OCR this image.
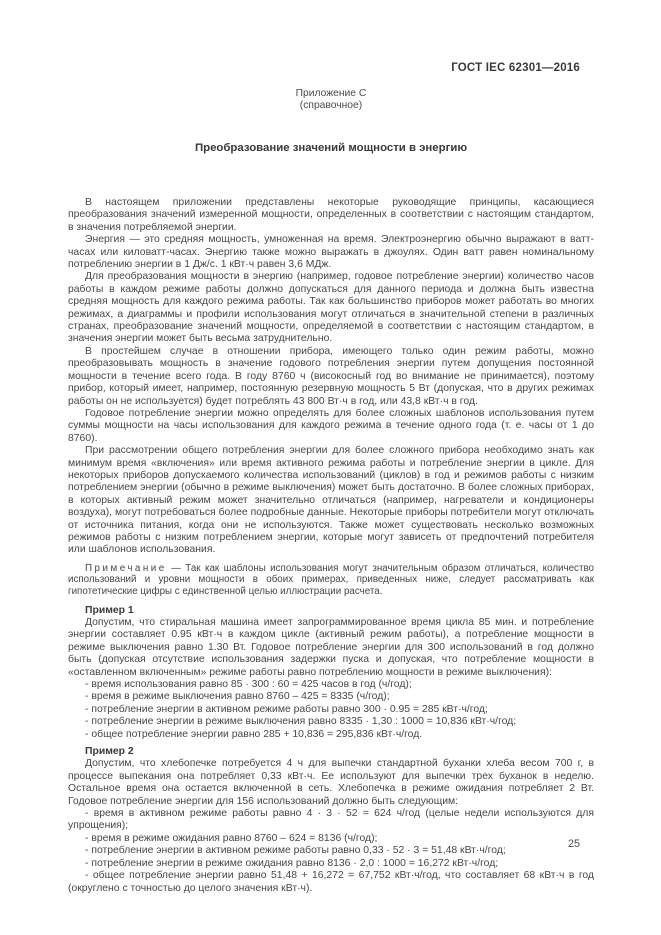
ГОСТ IEC 62301—2016
Приложение С
(справочное)
Преобразование значений мощности в энергию

В настоящем приложении представлены некоторые руководящие принципы, касающиеся преобразования значений измеренной мощности, определенных в соответствии с настоящим стандартом, в значения потребляемой энергии.

Энергия — это средняя мощность, умноженная на время. Электроэнергию обычно выражают в ватт-часах или киловатт-часах. Энергию также можно выражать в джоулях. Один ватт равен номинальному потреблению энергии в 1 Дж/с. 1 кВт·ч равен 3,6 МДж.

Для преобразования мощности в энергию (например, годовое потребление энергии) количество часов работы в каждом режиме работы должно допускаться для данного периода и должна быть известна средняя мощность для каждого режима работы. Так как большинство приборов может работать во многих режимах, а диаграммы и профили использования могут отличаться в значительной степени в различных странах, преобразование значений мощности, определяемой в соответствии с настоящим стандартом, в значения энергии может быть весьма затруднительно.

В простейшем случае в отношении прибора, имеющего только один режим работы, можно преобразовывать мощность в значение годового потребления энергии путем допущения постоянной мощности в течение всего года. В году 8760 ч (високосный год во внимание не принимается), поэтому прибор, который имеет, например, постоянную резервную мощность 5 Вт (допуская, что в других режимах работы он не используется) будет потреблять 43 800 Вт·ч в год, или 43,8 кВт·ч в год.

Годовое потребление энергии можно определять для более сложных шаблонов использования путем суммы мощности на часы использования для каждого режима в течение одного года (т. е. часы от 1 до 8760).

При рассмотрении общего потребления энергии для более сложного прибора необходимо знать как минимум время «включения» или время активного режима работы и потребление энергии в цикле. Для некоторых приборов допускаемого количества использований (циклов) в год и режимов работы с низким потреблением энергии (обычно в режиме выключения) может быть достаточно. В более сложных приборах, в которых активный режим может значительно отличаться (например, нагреватели и кондиционеры воздуха), могут потребоваться более подробные данные. Некоторые приборы потребители могут отключать от источника питания, когда они не используются. Также может существовать несколько возможных режимов работы с низким потреблением энергии, которые могут зависеть от предпочтений потребителя или шаблонов использования.

Примечание — Так как шаблоны использования могут значительным образом отличаться, количество использований и уровни мощности в обоих примерах, приведенных ниже, следует рассматривать как гипотетические цифры с единственной целью иллюстрации расчета.

Пример 1

Допустим, что стиральная машина имеет запрограммированное время цикла 85 мин. и потребление энергии составляет 0.95 кВт·ч в каждом цикле (активный режим работы), а потребление мощности в режиме выключения равно 1.30 Вт. Годовое потребление энергии для 300 использований в год должно быть (допуская отсутствие использования задержки пуска и допуская, что потребление мощности в «оставленном включенным» режиме работы равно потреблению мощности в режиме выключения):

- время использования равно 85 · 300 : 60 = 425 часов в год (ч/год);

- время в режиме выключения равно 8760 – 425 = 8335 (ч/год);

- потребление энергии в активном режиме работы равно 300 · 0.95 = 285 кВт·ч/год;

- потребление энергии в режиме выключения равно 8335 · 1,30 : 1000 = 10,836 кВт·ч/год;

- общее потребление энергии равно 285 + 10,836 = 295,836 кВт·ч/год.

Пример 2

Допустим, что хлебопечке потребуется 4 ч для выпечки стандартной буханки хлеба весом 700 г, в процессе выпекания она потребляет 0,33 кВт·ч. Ее используют для выпечки трех буханок в неделю. Остальное время она остается включенной в сеть. Хлебопечка в режиме ожидания потребляет 2 Вт. Годовое потребление энергии для 156 использований должно быть следующим:

- время в активном режиме работы равно 4 · 3 · 52 = 624 ч/год (целые недели используются для упрощения);

- время в режиме ожидания равно 8760 – 624 = 8136 (ч/год);

- потребление энергии в активном режиме работы равно 0,33 · 52 · 3 = 51,48 кВт·ч/год;

- потребление энергии в режиме ожидания равно 8136 · 2,0 : 1000 = 16,272 кВт·ч/год;

- общее потребление энергии равно 51,48 + 16,272 = 67,752 кВт·ч/год, что составляет 68 кВт·ч в год (округлено с точностью до целого значения кВт·ч).

25
